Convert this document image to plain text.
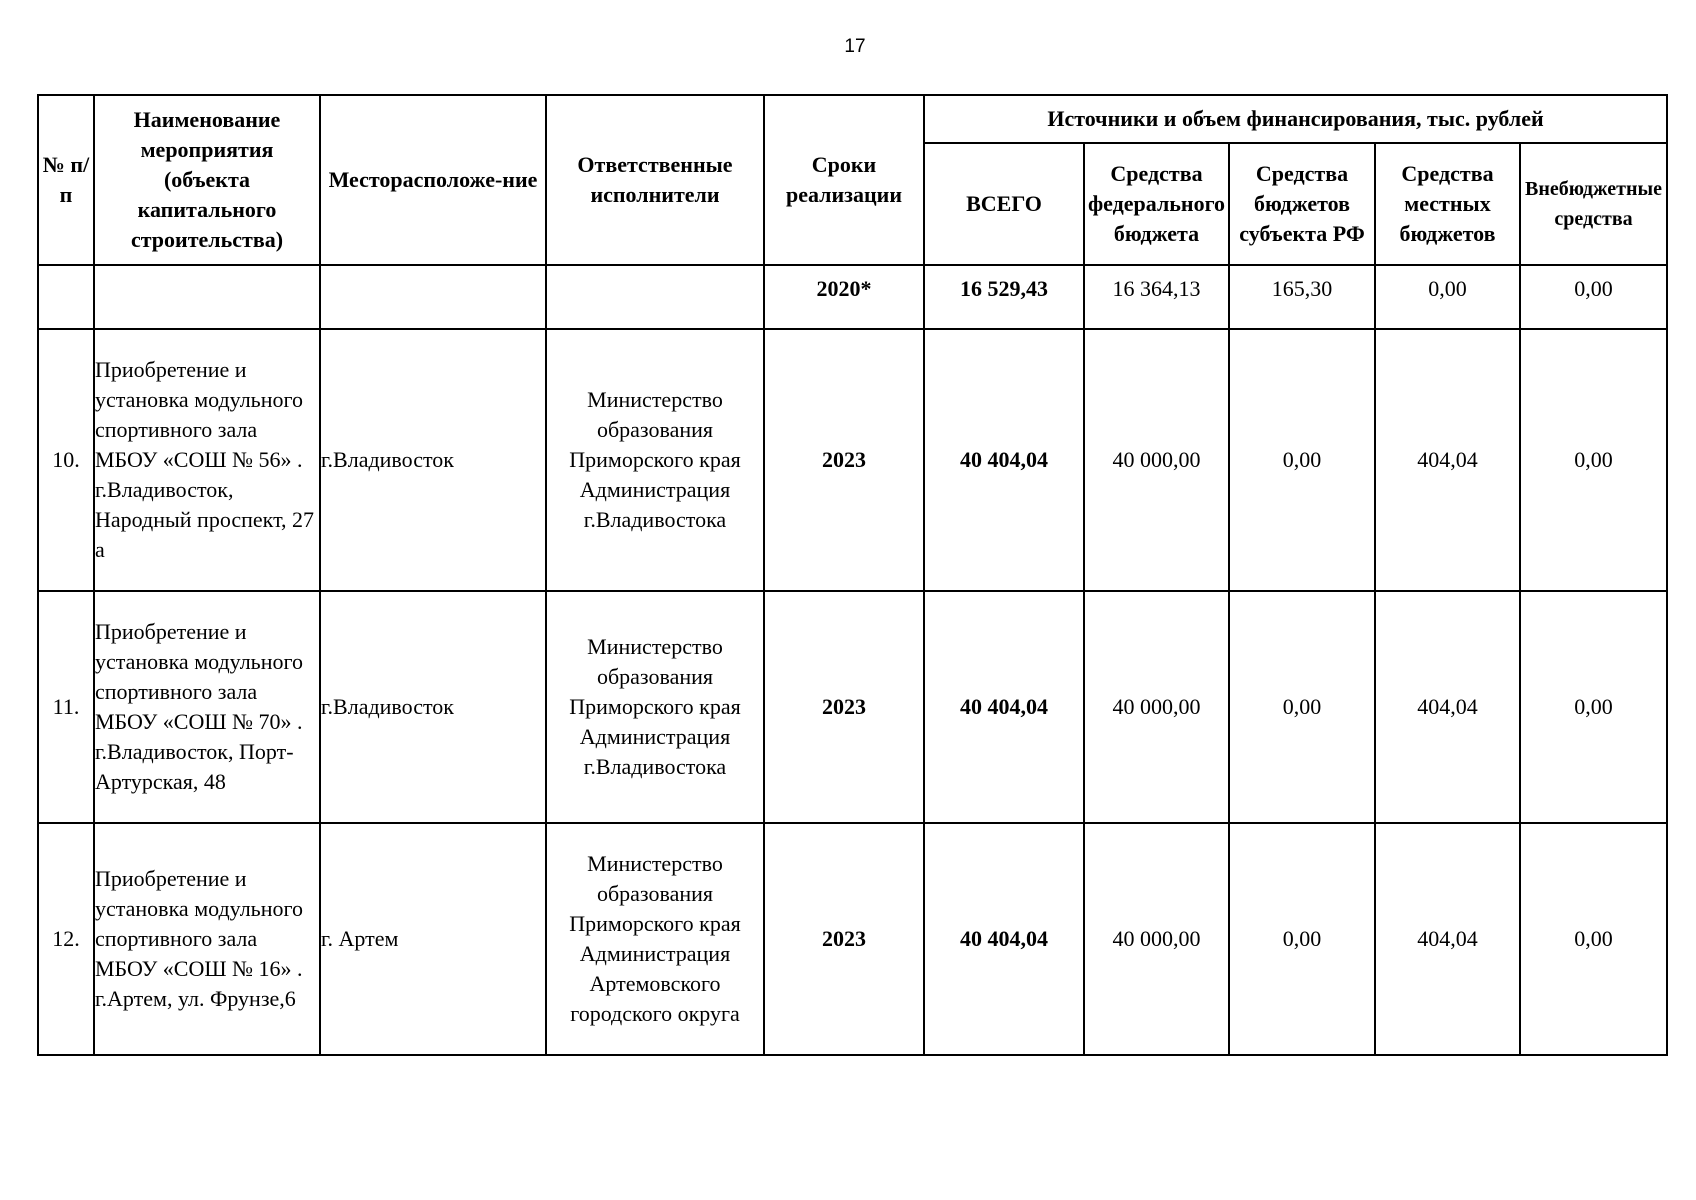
17
№ п/п	Наименование мероприятия (объекта капитального строительства)	Месторасположе-ние	Ответственные исполнители	Сроки реализации	Источники и объем финансирования, тыс. рублей				
					ВСЕГО	Средства федерального бюджета	Средства бюджетов субъекта РФ	Средства местных бюджетов	Внебюджетные средства
				2020*	16 529,43	16 364,13	165,30	0,00	0,00
10.	Приобретение и установка модульного спортивного зала МБОУ «СОШ № 56» . г.Владивосток, Народный проспект, 27 а	г.Владивосток	Министерство образования Приморского края Администрация г.Владивостока	2023	40 404,04	40 000,00	0,00	404,04	0,00
11.	Приобретение и установка модульного спортивного зала МБОУ «СОШ № 70» . г.Владивосток, Порт-Артурская, 48	г.Владивосток	Министерство образования Приморского края Администрация г.Владивостока	2023	40 404,04	40 000,00	0,00	404,04	0,00
12.	Приобретение и установка модульного спортивного зала МБОУ «СОШ № 16» . г.Артем, ул. Фрунзе,6	г. Артем	Министерство образования Приморского края Администрация Артемовского городского округа	2023	40 404,04	40 000,00	0,00	404,04	0,00
